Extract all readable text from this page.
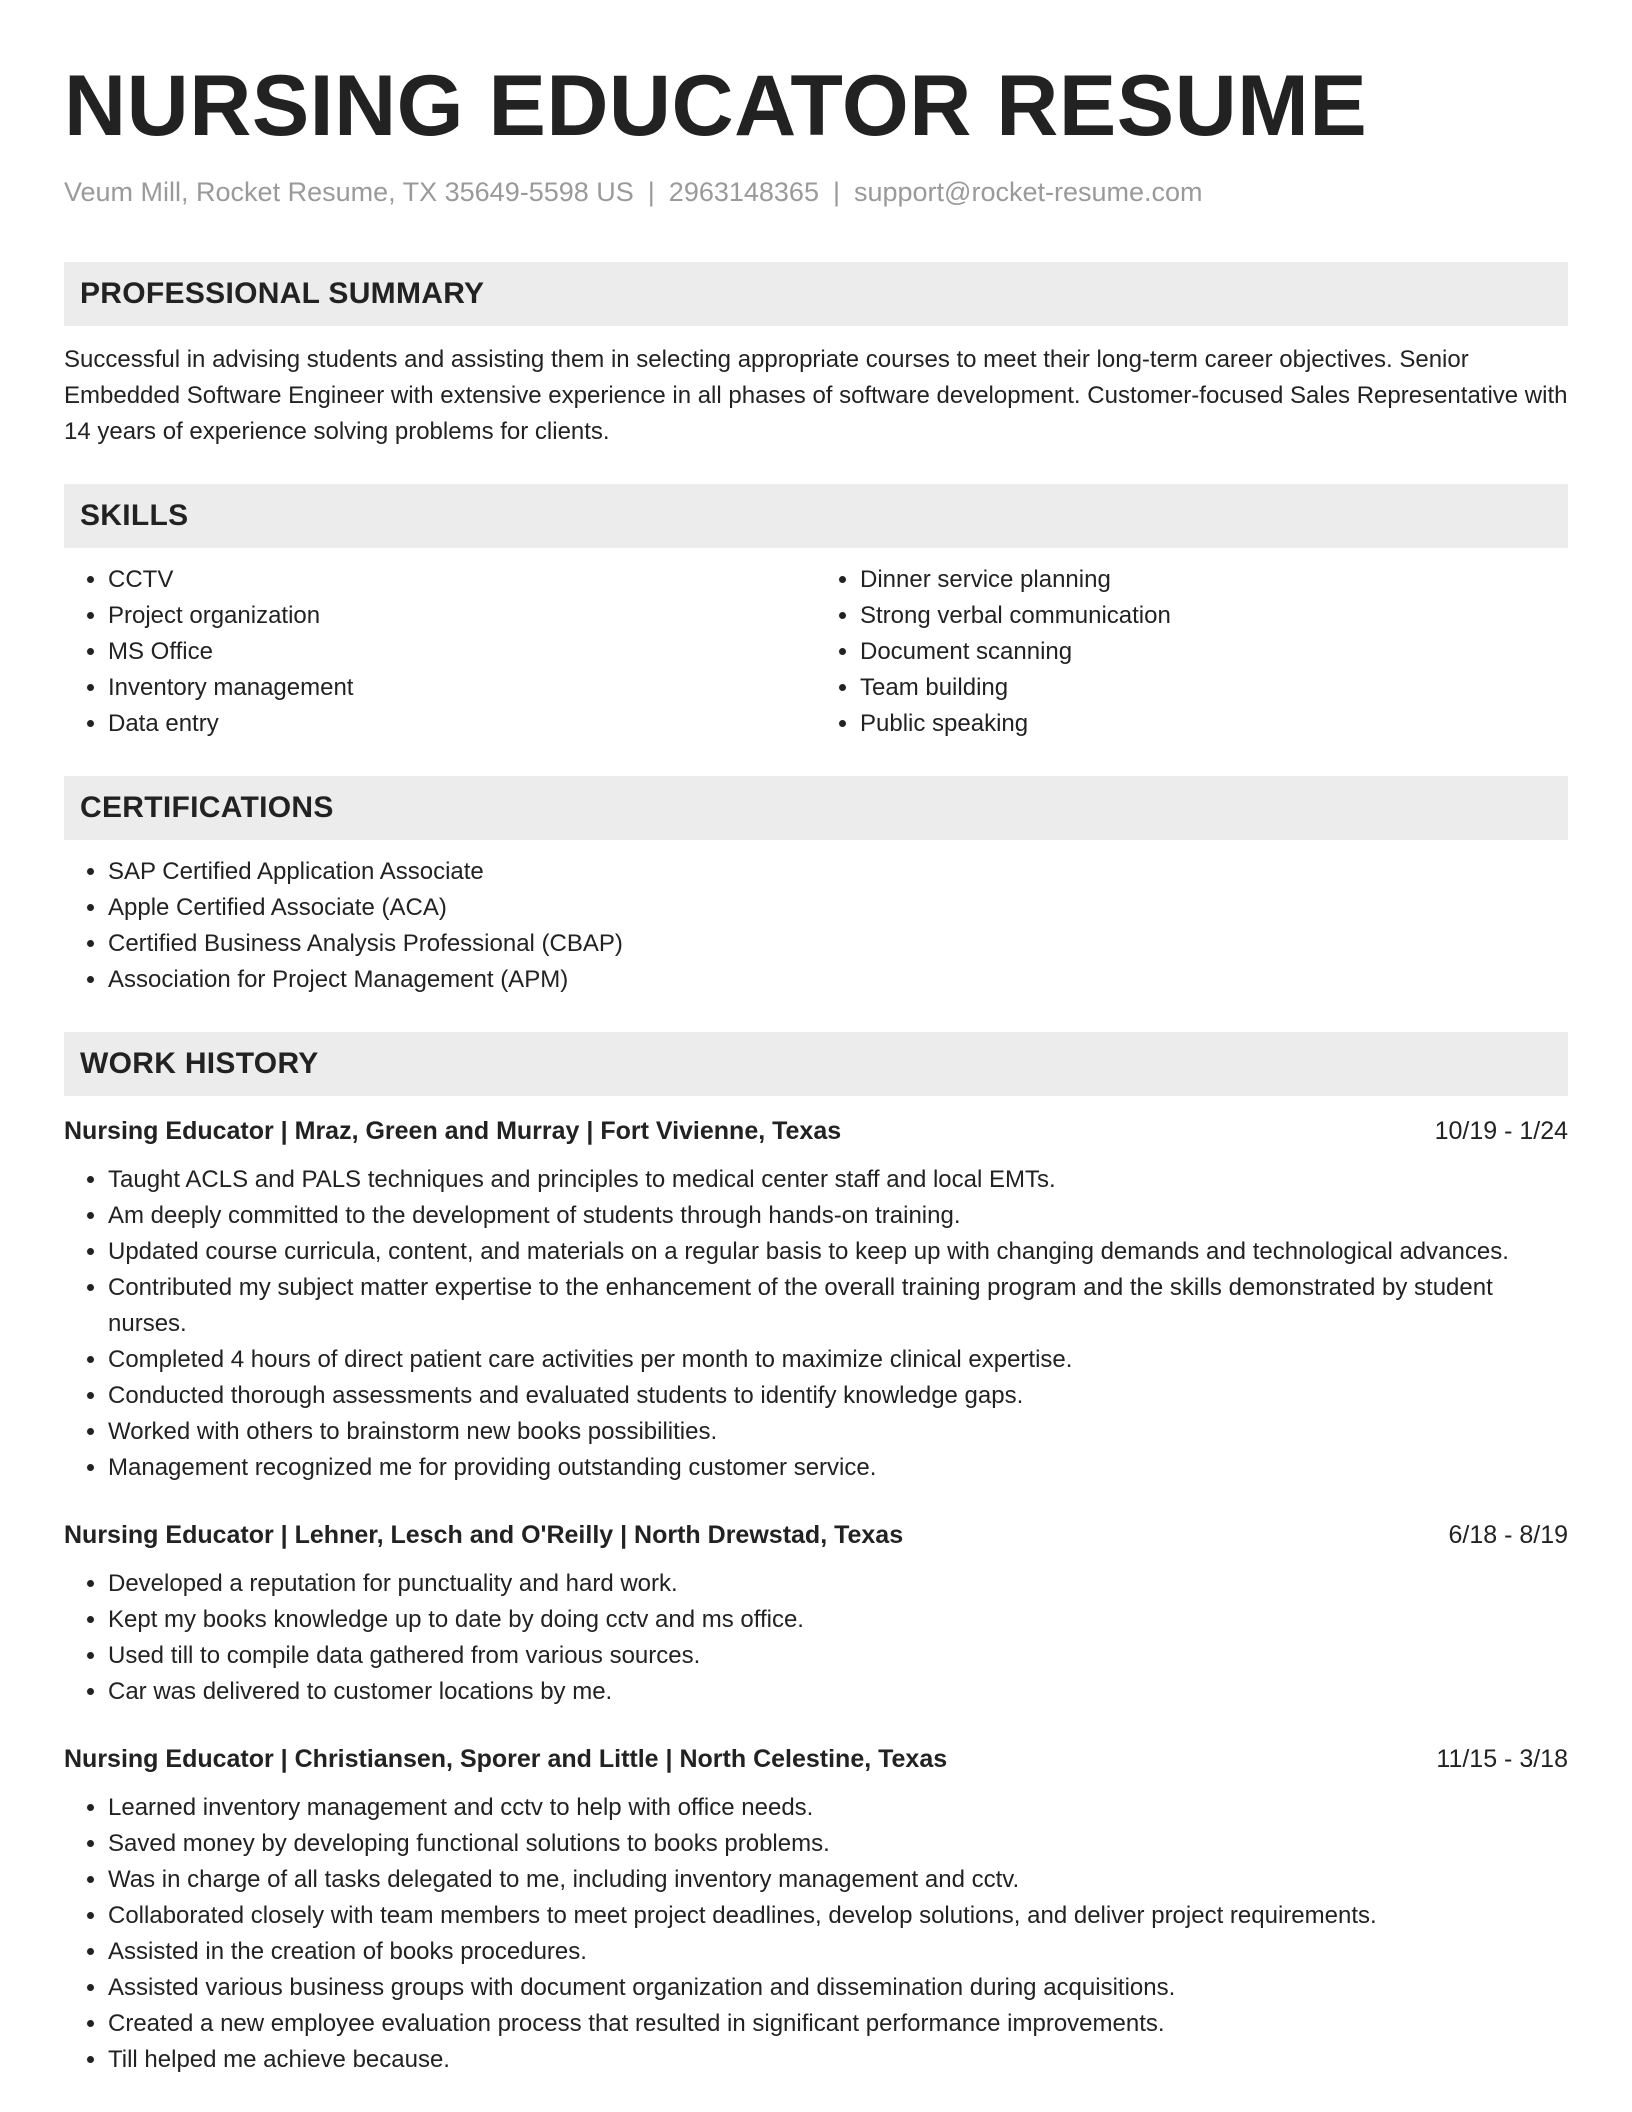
NURSING EDUCATOR RESUME
Veum Mill, Rocket Resume, TX 35649-5598 US | 2963148365 | support@rocket-resume.com
PROFESSIONAL SUMMARY

Successful in advising students and assisting them in selecting appropriate courses to meet their long-term career objectives. Senior Embedded Software Engineer with extensive experience in all phases of software development. Customer-focused Sales Representative with 14 years of experience solving problems for clients.

SKILLS
• CCTV
• Project organization
• MS Office
• Inventory management
• Data entry
• Dinner service planning
• Strong verbal communication
• Document scanning
• Team building
• Public speaking
CERTIFICATIONS
• SAP Certified Application Associate
• Apple Certified Associate (ACA)
• Certified Business Analysis Professional (CBAP)
• Association for Project Management (APM)
WORK HISTORY
Nursing Educator | Mraz, Green and Murray | Fort Vivienne, Texas	10/19 - 1/24
• Taught ACLS and PALS techniques and principles to medical center staff and local EMTs.
• Am deeply committed to the development of students through hands-on training.
• Updated course curricula, content, and materials on a regular basis to keep up with changing demands and technological advances.
• Contributed my subject matter expertise to the enhancement of the overall training program and the skills demonstrated by student nurses.
• Completed 4 hours of direct patient care activities per month to maximize clinical expertise.
• Conducted thorough assessments and evaluated students to identify knowledge gaps.
• Worked with others to brainstorm new books possibilities.
• Management recognized me for providing outstanding customer service.
Nursing Educator | Lehner, Lesch and O'Reilly | North Drewstad, Texas	6/18 - 8/19
• Developed a reputation for punctuality and hard work.
• Kept my books knowledge up to date by doing cctv and ms office.
• Used till to compile data gathered from various sources.
• Car was delivered to customer locations by me.
Nursing Educator | Christiansen, Sporer and Little | North Celestine, Texas	11/15 - 3/18
• Learned inventory management and cctv to help with office needs.
• Saved money by developing functional solutions to books problems.
• Was in charge of all tasks delegated to me, including inventory management and cctv.
• Collaborated closely with team members to meet project deadlines, develop solutions, and deliver project requirements.
• Assisted in the creation of books procedures.
• Assisted various business groups with document organization and dissemination during acquisitions.
• Created a new employee evaluation process that resulted in significant performance improvements.
• Till helped me achieve because.
